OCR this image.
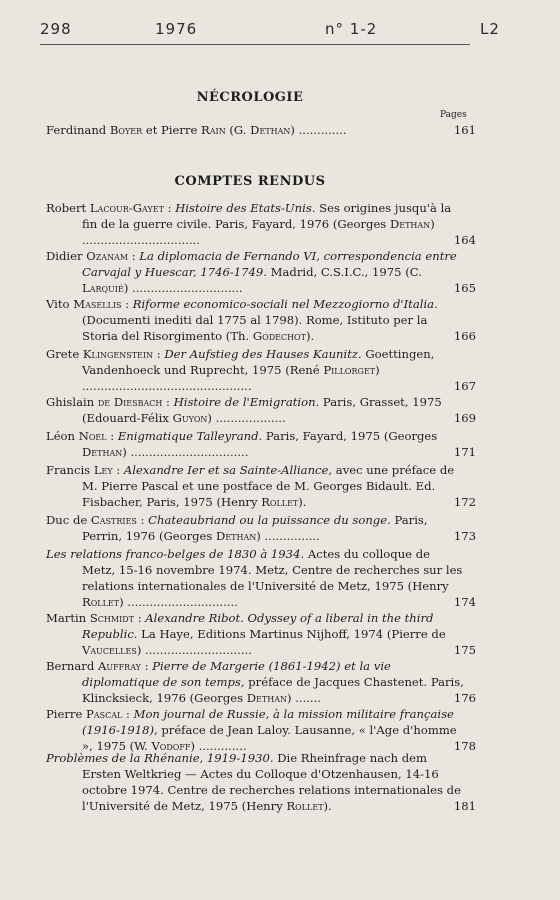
298	1976	n° 1-2	L2
NÉCROLOGIE
Pages
Ferdinand Boyer et Pierre Rain (G. Dethan) .............	161
COMPTES RENDUS
Robert Lacour-Gayet : Histoire des Etats-Unis. Ses origines jusqu'à la fin de la guerre civile. Paris, Fayard, 1976 (Georges Dethan) ................................	164
Didier Ozanam : La diplomacia de Fernando VI, correspondencia entre Carvajal y Huescar, 1746-1749. Madrid, C.S.I.C., 1975 (C. Larquié) ..............................	165
Vito Masellis : Riforme economico-sociali nel Mezzogiorno d'Italia. (Documenti inediti dal 1775 al 1798). Rome, Istituto per la Storia del Risorgimento (Th. Godechot).	166
Grete Klingenstein : Der Aufstieg des Hauses Kaunitz. Goettingen, Vandenhoeck und Ruprecht, 1975 (René Pillorget) ..............................................	167
Ghislain de Diesbach : Histoire de l'Emigration. Paris, Grasset, 1975 (Edouard-Félix Guyon) ...................	169
Léon Noel : Enigmatique Talleyrand. Paris, Fayard, 1975 (Georges Dethan) ................................	171
Francis Ley : Alexandre Ier et sa Sainte-Alliance, avec une préface de M. Pierre Pascal et une postface de M. Georges Bidault. Ed. Fisbacher, Paris, 1975 (Henry Rollet).	172
Duc de Castries : Chateaubriand ou la puissance du songe. Paris, Perrin, 1976 (Georges Dethan) ...............	173
Les relations franco-belges de 1830 à 1934. Actes du colloque de Metz, 15-16 novembre 1974. Metz, Centre de recherches sur les relations internationales de l'Université de Metz, 1975 (Henry Rollet) ..............................	174
Martin Schmidt : Alexandre Ribot. Odyssey of a liberal in the third Republic. La Haye, Editions Martinus Nijhoff, 1974 (Pierre de Vaucelles) .............................	175
Bernard Auffray : Pierre de Margerie (1861-1942) et la vie diplomatique de son temps, préface de Jacques Chastenet. Paris, Klincksieck, 1976 (Georges Dethan) .......	176
Pierre Pascal : Mon journal de Russie, à la mission militaire française (1916-1918), préface de Jean Laloy. Lausanne, « l'Age d'homme », 1975 (W. Vodoff) .............	178
Problèmes de la Rhénanie, 1919-1930. Die Rheinfrage nach dem Ersten Weltkrieg — Actes du Colloque d'Otzenhausen, 14-16 octobre 1974. Centre de recherches relations internationales de l'Université de Metz, 1975 (Henry Rollet).	181
